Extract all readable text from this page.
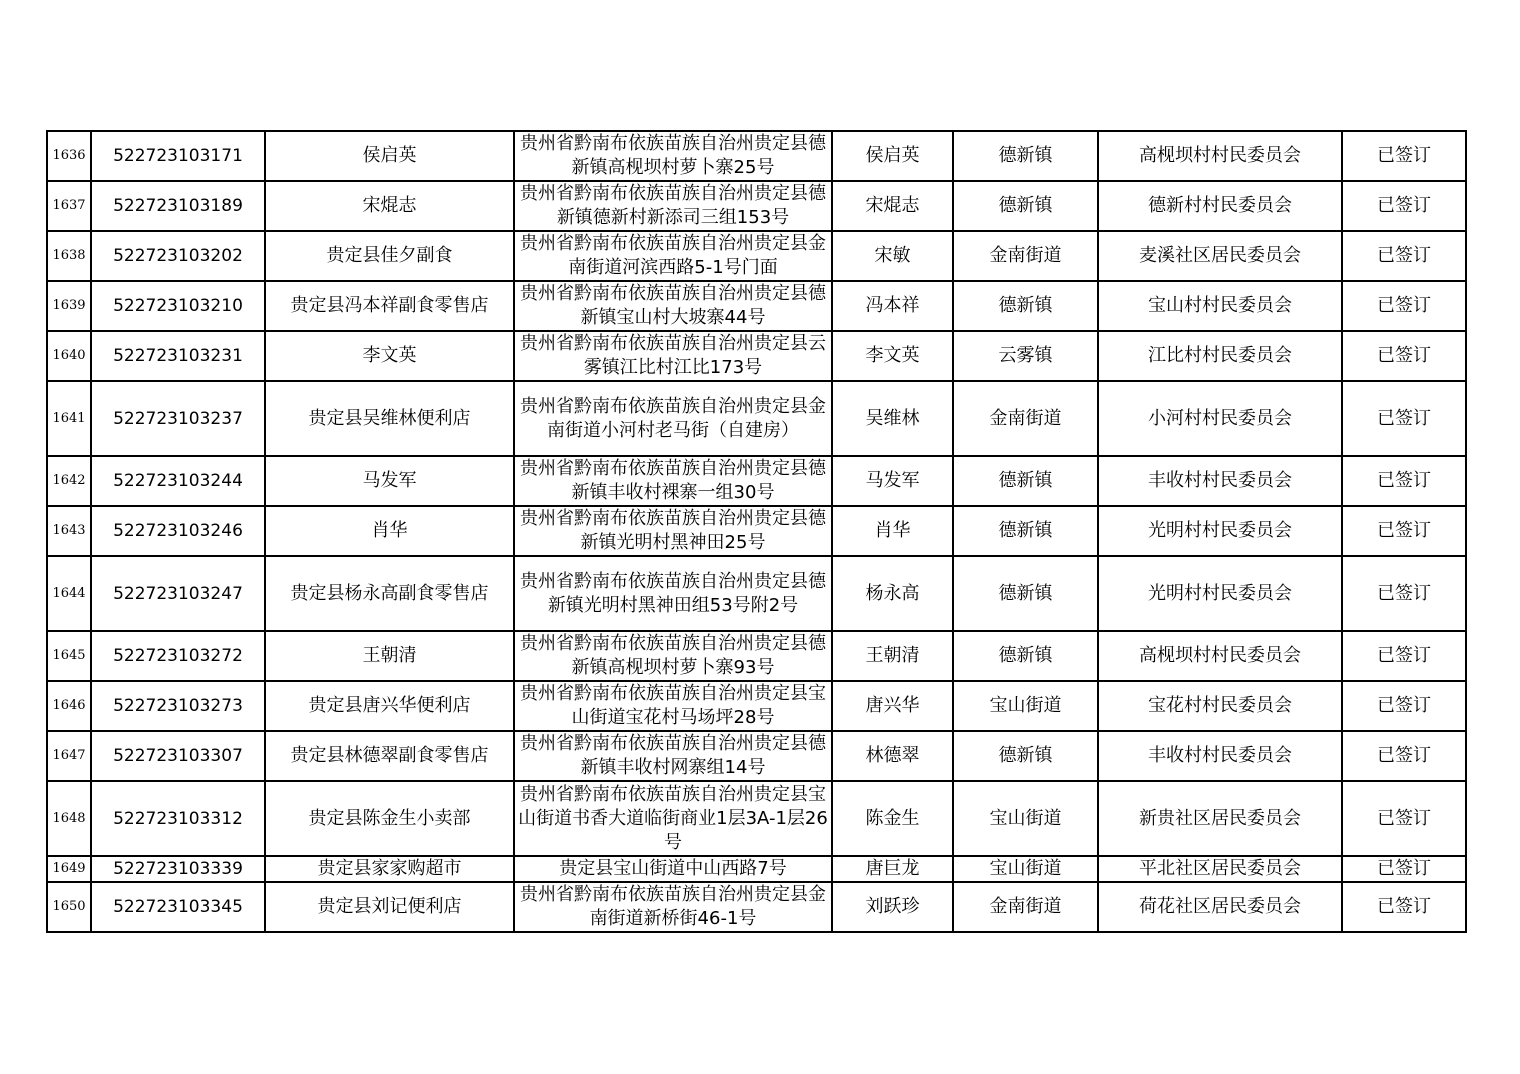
1636	522723103171	侯启英	贵州省黔南布依族苗族自治州贵定县德新镇高枧坝村萝卜寨25号	侯启英	德新镇	高枧坝村村民委员会	已签订
1637	522723103189	宋焜志	贵州省黔南布依族苗族自治州贵定县德新镇德新村新添司三组153号	宋焜志	德新镇	德新村村民委员会	已签订
1638	522723103202	贵定县佳夕副食	贵州省黔南布依族苗族自治州贵定县金南街道河滨西路5-1号门面	宋敏	金南街道	麦溪社区居民委员会	已签订
1639	522723103210	贵定县冯本祥副食零售店	贵州省黔南布依族苗族自治州贵定县德新镇宝山村大坡寨44号	冯本祥	德新镇	宝山村村民委员会	已签订
1640	522723103231	李文英	贵州省黔南布依族苗族自治州贵定县云雾镇江比村江比173号	李文英	云雾镇	江比村村民委员会	已签订
1641	522723103237	贵定县吴维林便利店	贵州省黔南布依族苗族自治州贵定县金南街道小河村老马街（自建房）	吴维林	金南街道	小河村村民委员会	已签订
1642	522723103244	马发军	贵州省黔南布依族苗族自治州贵定县德新镇丰收村裸寨一组30号	马发军	德新镇	丰收村村民委员会	已签订
1643	522723103246	肖华	贵州省黔南布依族苗族自治州贵定县德新镇光明村黑神田25号	肖华	德新镇	光明村村民委员会	已签订
1644	522723103247	贵定县杨永高副食零售店	贵州省黔南布依族苗族自治州贵定县德新镇光明村黑神田组53号附2号	杨永高	德新镇	光明村村民委员会	已签订
1645	522723103272	王朝清	贵州省黔南布依族苗族自治州贵定县德新镇高枧坝村萝卜寨93号	王朝清	德新镇	高枧坝村村民委员会	已签订
1646	522723103273	贵定县唐兴华便利店	贵州省黔南布依族苗族自治州贵定县宝山街道宝花村马场坪28号	唐兴华	宝山街道	宝花村村民委员会	已签订
1647	522723103307	贵定县林德翠副食零售店	贵州省黔南布依族苗族自治州贵定县德新镇丰收村网寨组14号	林德翠	德新镇	丰收村村民委员会	已签订
1648	522723103312	贵定县陈金生小卖部	贵州省黔南布依族苗族自治州贵定县宝山街道书香大道临街商业1层3A-1层26号	陈金生	宝山街道	新贵社区居民委员会	已签订
1649	522723103339	贵定县家家购超市	贵定县宝山街道中山西路7号	唐巨龙	宝山街道	平北社区居民委员会	已签订
1650	522723103345	贵定县刘记便利店	贵州省黔南布依族苗族自治州贵定县金南街道新桥街46-1号	刘跃珍	金南街道	荷花社区居民委员会	已签订
